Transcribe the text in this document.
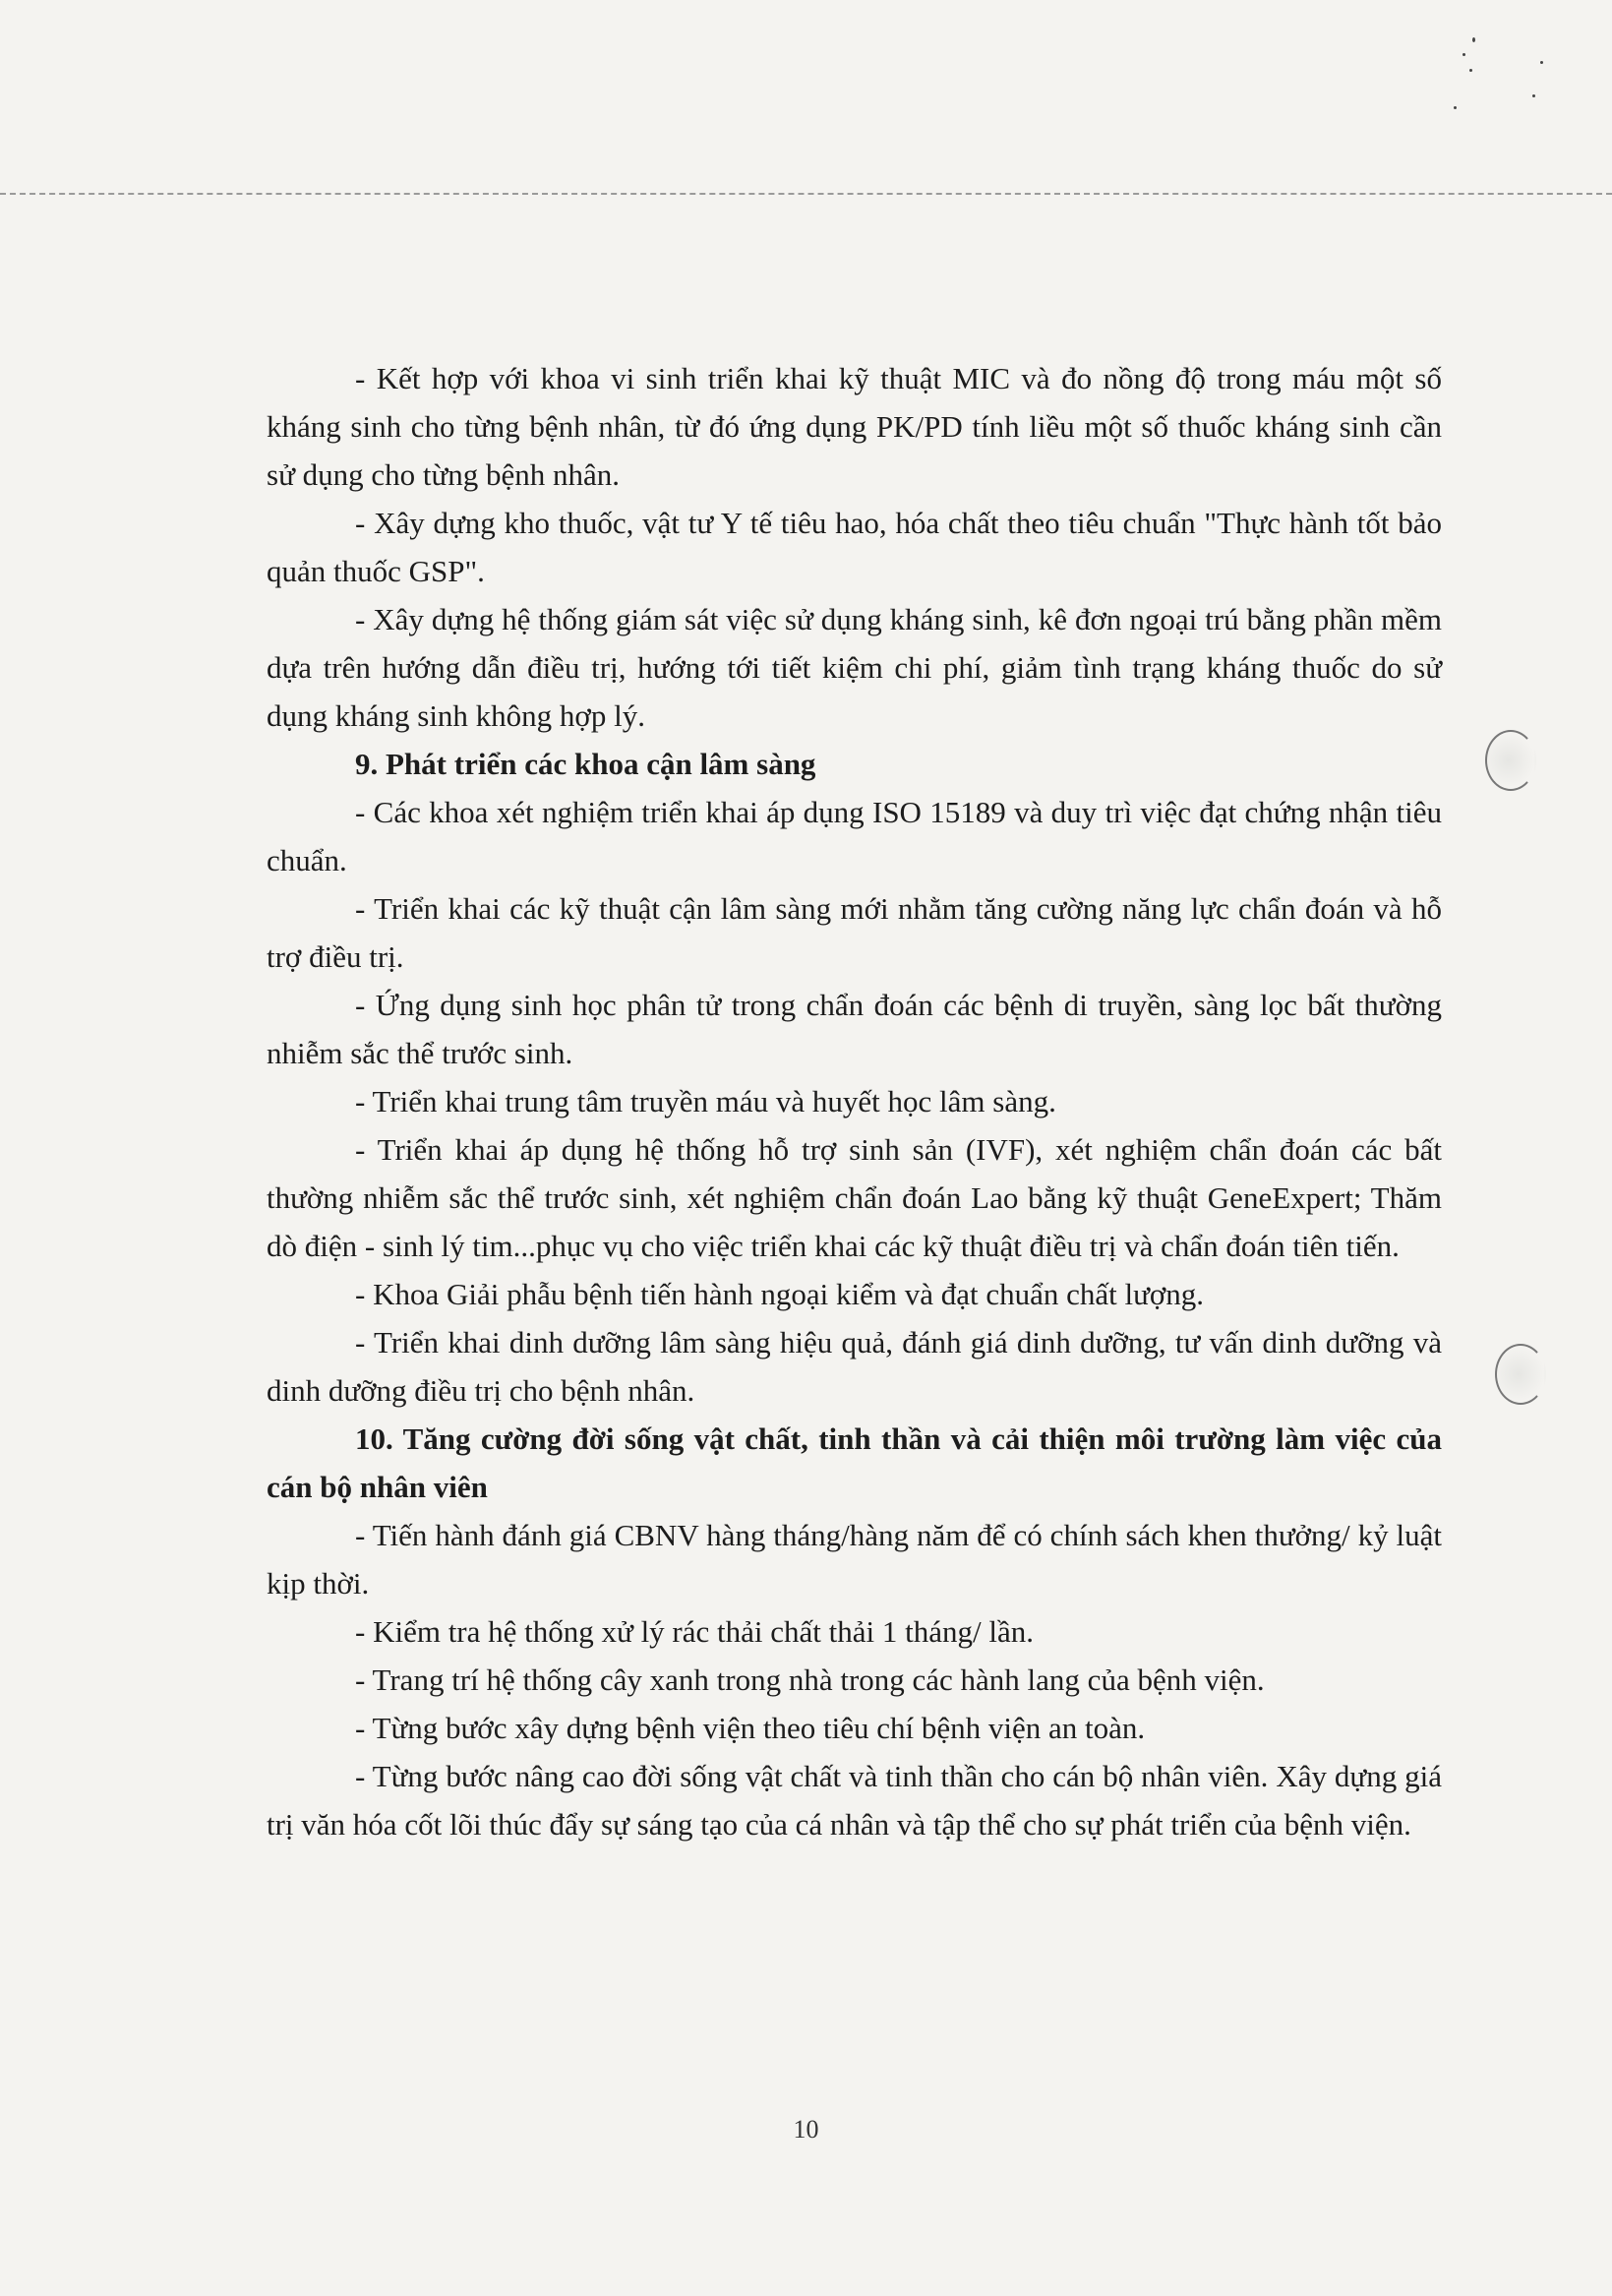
- Kết hợp với khoa vi sinh triển khai kỹ thuật MIC và đo nồng độ trong máu một số kháng sinh cho từng bệnh nhân, từ đó ứng dụng PK/PD tính liều một số thuốc kháng sinh cần sử dụng cho từng bệnh nhân.

- Xây dựng kho thuốc, vật tư Y tế tiêu hao, hóa chất theo tiêu chuẩn "Thực hành tốt bảo quản thuốc GSP".

- Xây dựng hệ thống giám sát việc sử dụng kháng sinh, kê đơn ngoại trú bằng phần mềm dựa trên hướng dẫn điều trị, hướng tới tiết kiệm chi phí, giảm tình trạng kháng thuốc do sử dụng kháng sinh không hợp lý.

9. Phát triển các khoa cận lâm sàng

- Các khoa xét nghiệm triển khai áp dụng ISO 15189 và duy trì việc đạt chứng nhận tiêu chuẩn.

- Triển khai các kỹ thuật cận lâm sàng mới nhằm tăng cường năng lực chẩn đoán và hỗ trợ điều trị.

- Ứng dụng sinh học phân tử trong chẩn đoán các bệnh di truyền, sàng lọc bất thường nhiễm sắc thể trước sinh.

- Triển khai trung tâm truyền máu và huyết học lâm sàng.

- Triển khai áp dụng hệ thống hỗ trợ sinh sản (IVF), xét nghiệm chẩn đoán các bất thường nhiễm sắc thể trước sinh, xét nghiệm chẩn đoán Lao bằng kỹ thuật GeneExpert; Thăm dò điện - sinh lý tim...phục vụ cho việc triển khai các kỹ thuật điều trị và chẩn đoán tiên tiến.

- Khoa Giải phẫu bệnh tiến hành ngoại kiểm và đạt chuẩn chất lượng.

- Triển khai dinh dưỡng lâm sàng hiệu quả, đánh giá dinh dưỡng, tư vấn dinh dưỡng và dinh dưỡng điều trị cho bệnh nhân.

10. Tăng cường đời sống vật chất, tinh thần và cải thiện môi trường làm việc của cán bộ nhân viên

- Tiến hành đánh giá CBNV hàng tháng/hàng năm để có chính sách khen thưởng/ kỷ luật kịp thời.

- Kiểm tra hệ thống xử lý rác thải chất thải 1 tháng/ lần.

- Trang trí hệ thống cây xanh trong nhà trong các hành lang của bệnh viện.

- Từng bước xây dựng bệnh viện theo tiêu chí bệnh viện an toàn.

- Từng bước nâng cao đời sống vật chất và tinh thần cho cán bộ nhân viên. Xây dựng giá trị văn hóa cốt lõi thúc đẩy sự sáng tạo của cá nhân và tập thể cho sự phát triển của bệnh viện.

10
